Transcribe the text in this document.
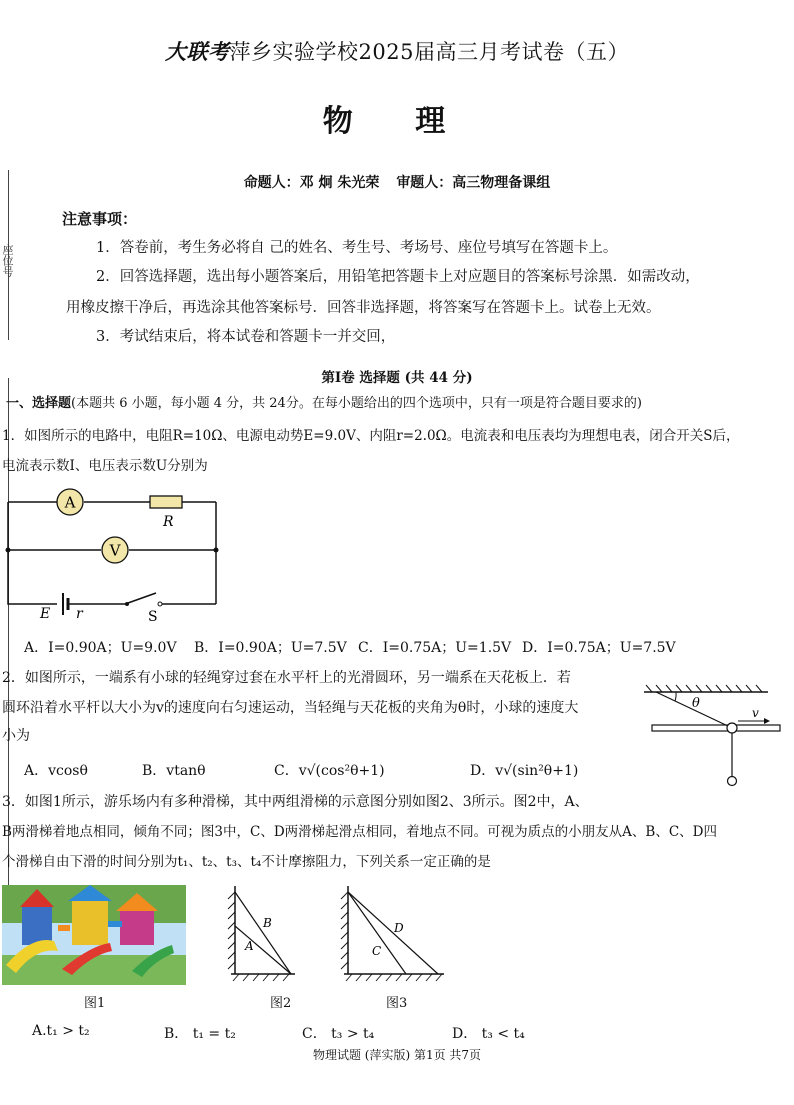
大联考萍乡实验学校2025届高三月考试卷（五）
物 理
命题人：邓 炯 朱光荣 审题人：高三物理备课组
座位号
注意事项：
1．答卷前，考生务必将自 己的姓名、考生号、考场号、座位号填写在答题卡上。
2．回答选择题，选出每小题答案后，用铅笔把答题卡上对应题目的答案标号涂黑．如需改动，
用橡皮擦干净后，再选涂其他答案标号．回答非选择题，将答案写在答题卡上。试卷上无效。
3．考试结束后，将本试卷和答题卡一并交回，
第Ⅰ卷 选择题 (共 44 分)
一、选择题(本题共 6 小题，每小题 4 分，共 24分。在每小题给出的四个选项中，只有一项是符合题目要求的)
1．如图所示的电路中，电阻R=10Ω、电源电动势E=9.0V、内阻r=2.0Ω。电流表和电压表均为理想电表，闭合开关S后，
电流表示数I、电压表示数U分别为
A
R
V
E r	S
A．I=0.90A；U=9.0V B．I=0.90A；U=7.5V C．I=0.75A；U=1.5V D．I=0.75A；U=7.5V
2．如图所示，一端系有小球的轻绳穿过套在水平杆上的光滑圆环，另一端系在天花板上．若
圆环沿着水平杆以大小为v的速度向右匀速运动，当轻绳与天花板的夹角为θ时，小球的速度大
小为
θ
v
A．vcosθ	B．vtanθ	C．v√(cos²θ+1)	D．v√(sin²θ+1)
3．如图1所示，游乐场内有多种滑梯，其中两组滑梯的示意图分别如图2、3所示。图2中，A、
B两滑梯着地点相同，倾角不同；图3中，C、D两滑梯起滑点相同，着地点不同。可视为质点的小朋友从A、B、C、D四
个滑梯自由下滑的时间分别为t₁、t₂、t₃、t₄不计摩擦阻力，下列关系一定正确的是
B
A
D
C
图1	图2	图3
A.t₁ > t₂	B． t₁ = t₂	C． t₃ > t₄	D． t₃ < t₄
物理试题 (萍实版) 第1页 共7页
